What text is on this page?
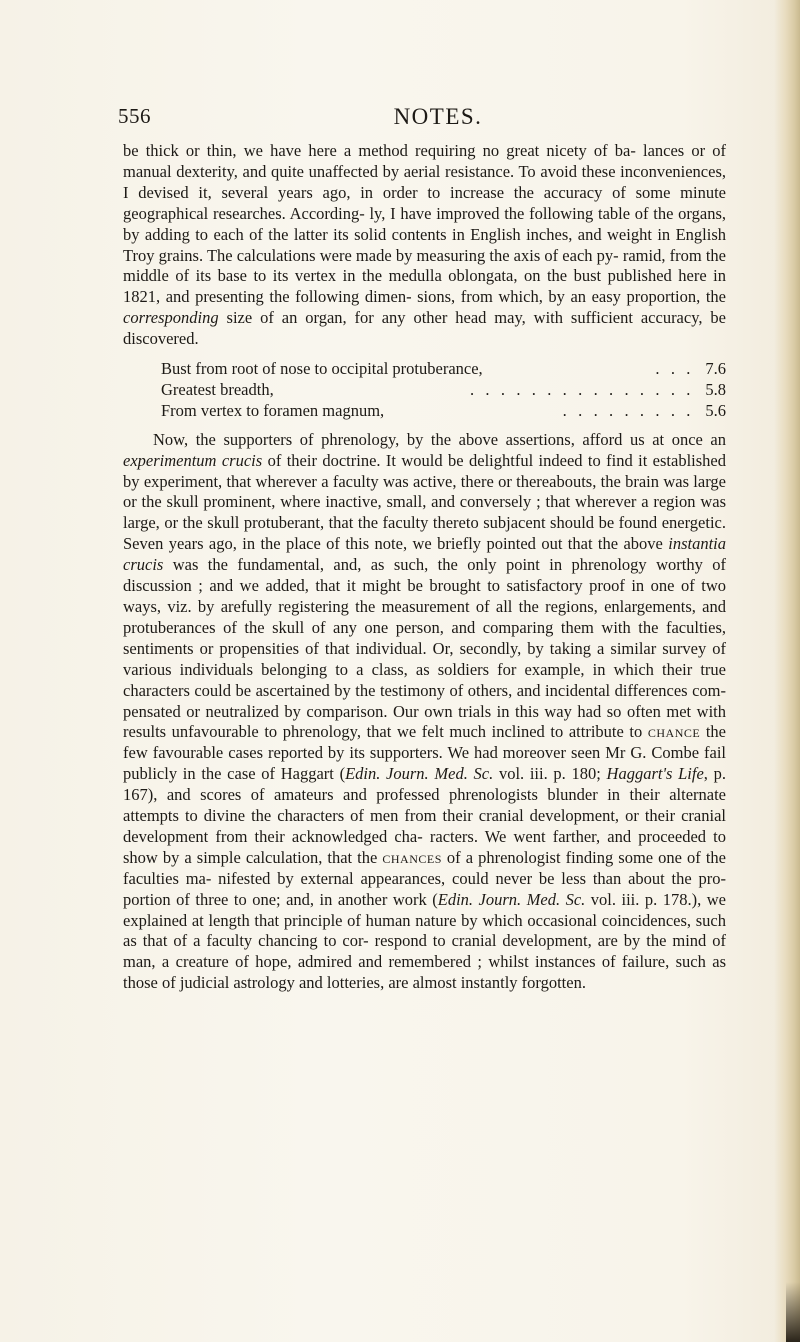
556	NOTES.

be thick or thin, we have here a method requiring no great nicety of ba- lances or of manual dexterity, and quite unaffected by aerial resistance. To avoid these inconveniences, I devised it, several years ago, in order to increase the accuracy of some minute geographical researches. According- ly, I have improved the following table of the organs, by adding to each of the latter its solid contents in English inches, and weight in English Troy grains. The calculations were made by measuring the axis of each py- ramid, from the middle of its base to its vertex in the medulla oblongata, on the bust published here in 1821, and presenting the following dimen- sions, from which, by an easy proportion, the corresponding size of an organ, for any other head may, with sufficient accuracy, be discovered.

Bust from root of nose to occipital protuberance,	. . . 7.6
Greatest breadth,	. . . . . . . . . . . . . . . 5.8
From vertex to foramen magnum,	. . . . . . . . . 5.6

Now, the supporters of phrenology, by the above assertions, afford us at once an experimentum crucis of their doctrine. It would be delightful indeed to find it established by experiment, that wherever a faculty was active, there or thereabouts, the brain was large or the skull prominent, where inactive, small, and conversely ; that wherever a region was large, or the skull protuberant, that the faculty thereto subjacent should be found energetic. Seven years ago, in the place of this note, we briefly pointed out that the above instantia crucis was the fundamental, and, as such, the only point in phrenology worthy of discussion ; and we added, that it might be brought to satisfactory proof in one of two ways, viz. by arefully registering the measurement of all the regions, enlargements, and protuberances of the skull of any one person, and comparing them with the faculties, sentiments or propensities of that individual. Or, secondly, by taking a similar survey of various individuals belonging to a class, as soldiers for example, in which their true characters could be ascertained by the testimony of others, and incidental differences com- pensated or neutralized by comparison. Our own trials in this way had so often met with results unfavourable to phrenology, that we felt much inclined to attribute to chance the few favourable cases reported by its supporters. We had moreover seen Mr G. Combe fail publicly in the case of Haggart (Edin. Journ. Med. Sc. vol. iii. p. 180; Haggart's Life, p. 167), and scores of amateurs and professed phrenologists blunder in their alternate attempts to divine the characters of men from their cranial development, or their cranial development from their acknowledged cha- racters. We went farther, and proceeded to show by a simple calculation, that the chances of a phrenologist finding some one of the faculties ma- nifested by external appearances, could never be less than about the pro- portion of three to one; and, in another work (Edin. Journ. Med. Sc. vol. iii. p. 178.), we explained at length that principle of human nature by which occasional coincidences, such as that of a faculty chancing to cor- respond to cranial development, are by the mind of man, a creature of hope, admired and remembered ; whilst instances of failure, such as those of judicial astrology and lotteries, are almost instantly forgotten.
